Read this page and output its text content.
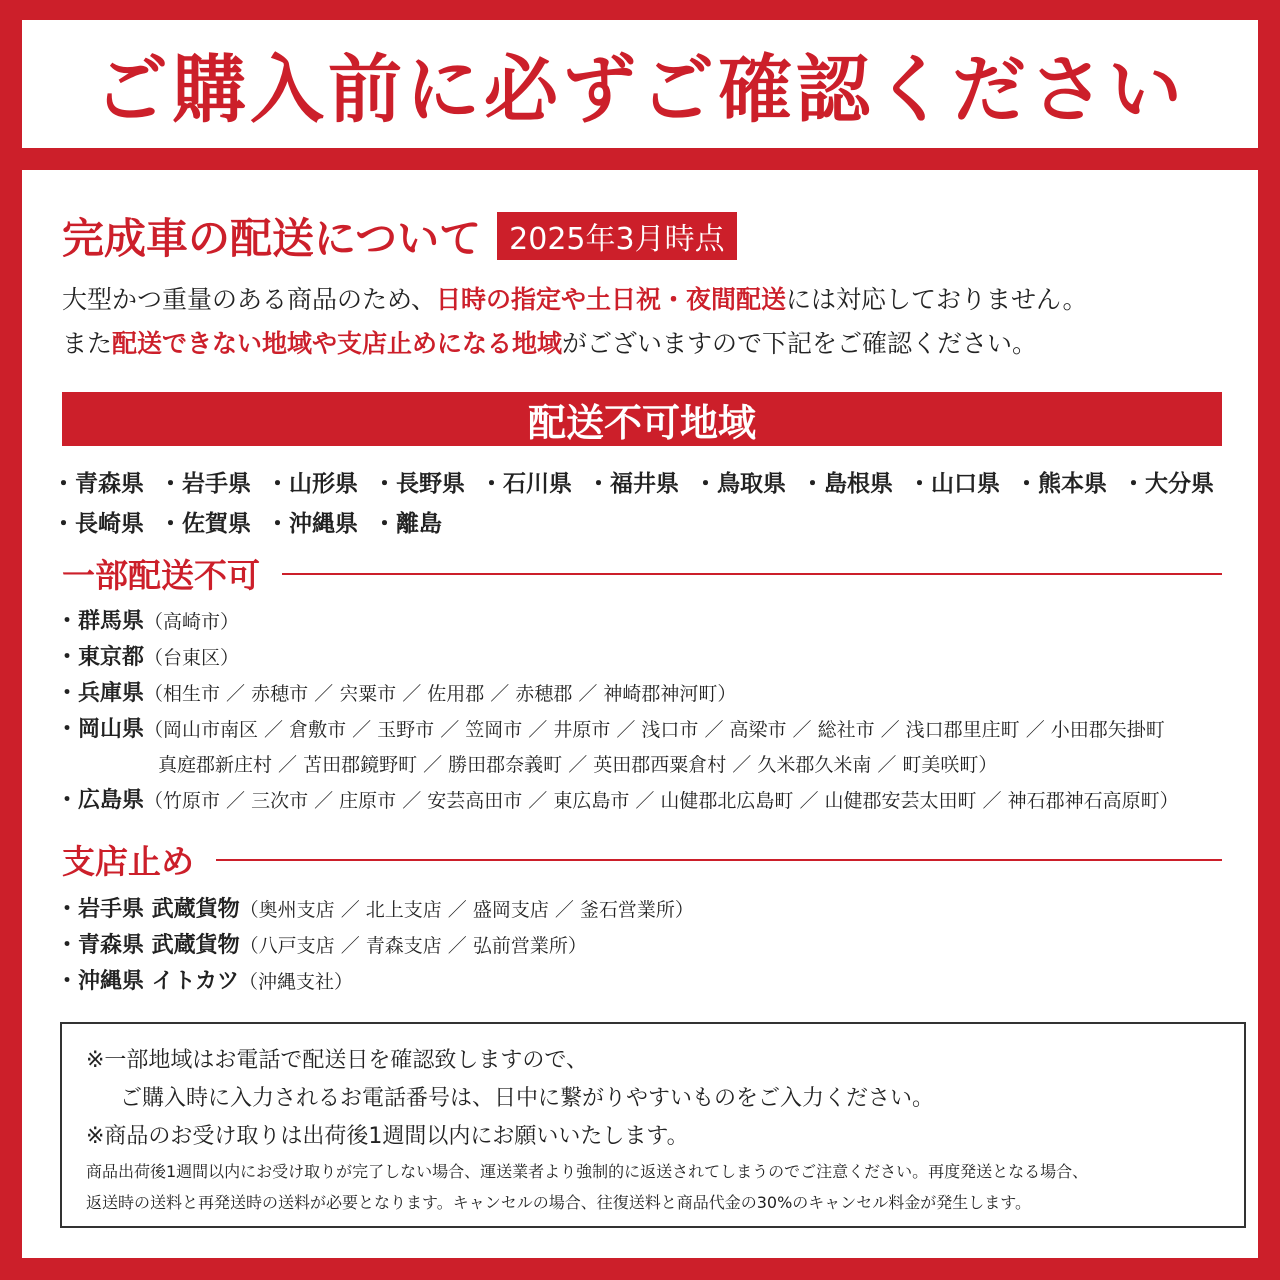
ご購入前に必ずご確認ください
完成車の配送について 2025年3月時点
大型かつ重量のある商品のため、日時の指定や土日祝・夜間配送には対応しておりません。
また配送できない地域や支店止めになる地域がございますので下記をご確認ください。
配送不可地域
・青森県 ・岩手県 ・山形県 ・長野県 ・石川県 ・福井県 ・鳥取県 ・島根県 ・山口県 ・熊本県 ・大分県
・長崎県 ・佐賀県 ・沖縄県 ・離島
一部配送不可
・群馬県（高崎市）
・東京都（台東区）
・兵庫県（相生市 ／ 赤穂市 ／ 宍粟市 ／ 佐用郡 ／ 赤穂郡 ／ 神崎郡神河町）
・岡山県（岡山市南区 ／ 倉敷市 ／ 玉野市 ／ 笠岡市 ／ 井原市 ／ 浅口市 ／ 高梁市 ／ 総社市 ／ 浅口郡里庄町 ／ 小田郡矢掛町
真庭郡新庄村 ／ 苫田郡鏡野町 ／ 勝田郡奈義町 ／ 英田郡西粟倉村 ／ 久米郡久米南 ／ 町美咲町）
・広島県（竹原市 ／ 三次市 ／ 庄原市 ／ 安芸高田市 ／ 東広島市 ／ 山健郡北広島町 ／ 山健郡安芸太田町 ／ 神石郡神石高原町）
支店止め
・岩手県 武蔵貨物（奥州支店 ／ 北上支店 ／ 盛岡支店 ／ 釜石営業所）
・青森県 武蔵貨物（八戸支店 ／ 青森支店 ／ 弘前営業所）
・沖縄県 イトカツ（沖縄支社）
※一部地域はお電話で配送日を確認致しますので、
ご購入時に入力されるお電話番号は、日中に繋がりやすいものをご入力ください。
※商品のお受け取りは出荷後1週間以内にお願いいたします。
商品出荷後1週間以内にお受け取りが完了しない場合、運送業者より強制的に返送されてしまうのでご注意ください。再度発送となる場合、
返送時の送料と再発送時の送料が必要となります。キャンセルの場合、往復送料と商品代金の30%のキャンセル料金が発生します。
